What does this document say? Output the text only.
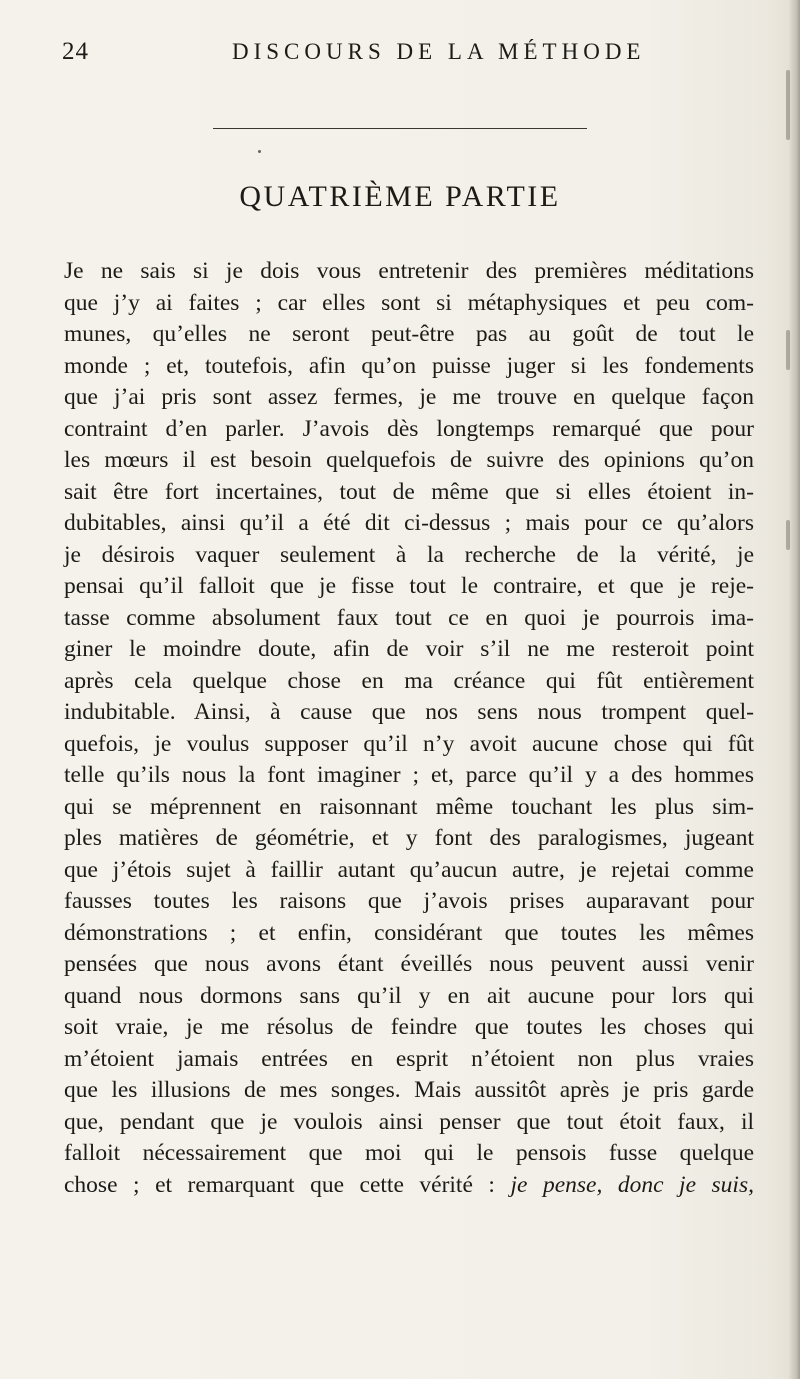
24	DISCOURS DE LA MÉTHODE
QUATRIÈME PARTIE
Je ne sais si je dois vous entretenir des premières méditations
que j’y ai faites ; car elles sont si métaphysiques et peu com-
munes, qu’elles ne seront peut-être pas au goût de tout le
monde ; et, toutefois, afin qu’on puisse juger si les fondements
que j’ai pris sont assez fermes, je me trouve en quelque façon
contraint d’en parler. J’avois dès longtemps remarqué que pour
les mœurs il est besoin quelquefois de suivre des opinions qu’on
sait être fort incertaines, tout de même que si elles étoient in-
dubitables, ainsi qu’il a été dit ci-dessus ; mais pour ce qu’alors
je désirois vaquer seulement à la recherche de la vérité, je
pensai qu’il falloit que je fisse tout le contraire, et que je reje-
tasse comme absolument faux tout ce en quoi je pourrois ima-
giner le moindre doute, afin de voir s’il ne me resteroit point
après cela quelque chose en ma créance qui fût entièrement
indubitable. Ainsi, à cause que nos sens nous trompent quel-
quefois, je voulus supposer qu’il n’y avoit aucune chose qui fût
telle qu’ils nous la font imaginer ; et, parce qu’il y a des hommes
qui se méprennent en raisonnant même touchant les plus sim-
ples matières de géométrie, et y font des paralogismes, jugeant
que j’étois sujet à faillir autant qu’aucun autre, je rejetai comme
fausses toutes les raisons que j’avois prises auparavant pour
démonstrations ; et enfin, considérant que toutes les mêmes
pensées que nous avons étant éveillés nous peuvent aussi venir
quand nous dormons sans qu’il y en ait aucune pour lors qui
soit vraie, je me résolus de feindre que toutes les choses qui
m’étoient jamais entrées en esprit n’étoient non plus vraies
que les illusions de mes songes. Mais aussitôt après je pris garde
que, pendant que je voulois ainsi penser que tout étoit faux, il
falloit nécessairement que moi qui le pensois fusse quelque
chose ; et remarquant que cette vérité : je pense, donc je suis,
